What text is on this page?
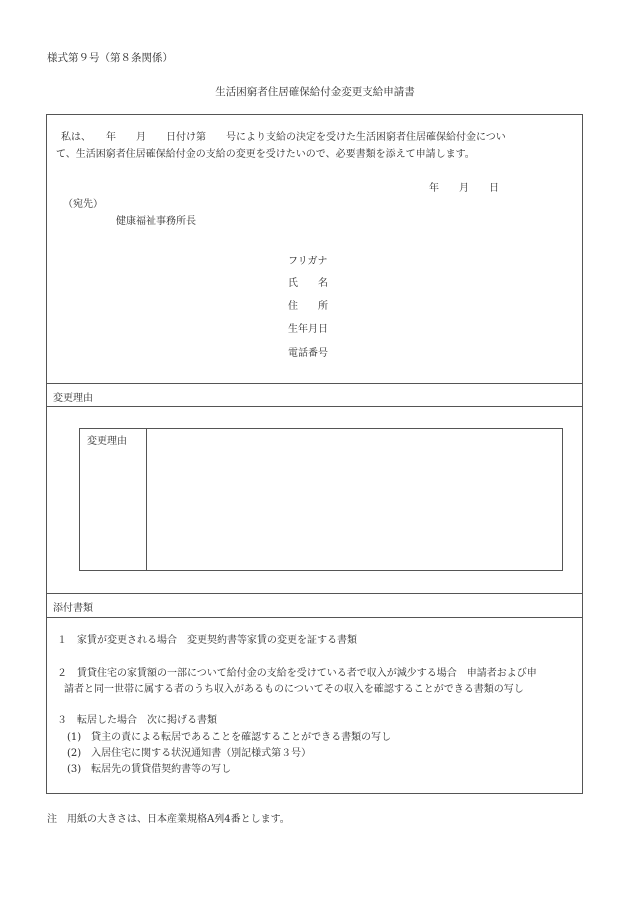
様式第９号（第８条関係）
生活困窮者住居確保給付金変更支給申請書
私は、　　年　　月　　日付け第　　号により支給の決定を受けた生活困窮者住居確保給付金につい
て、生活困窮者住居確保給付金の支給の変更を受けたいので、必要書類を添えて申請します。
年　　月　　日
（宛先）
健康福祉事務所長
フリガナ
氏　　名
住　　所
生年月日
電話番号
変更理由
変更理由
添付書類
１　家賃が変更される場合　変更契約書等家賃の変更を証する書類
２　賃貸住宅の家賃額の一部について給付金の支給を受けている者で収入が減少する場合　申請者および申
請者と同一世帯に属する者のうち収入があるものについてその収入を確認することができる書類の写し
３　転居した場合　次に掲げる書類
(1)　貸主の責による転居であることを確認することができる書類の写し
(2)　入居住宅に関する状況通知書（別記様式第３号）
(3)　転居先の賃貸借契約書等の写し
注　用紙の大きさは、日本産業規格A列4番とします。
